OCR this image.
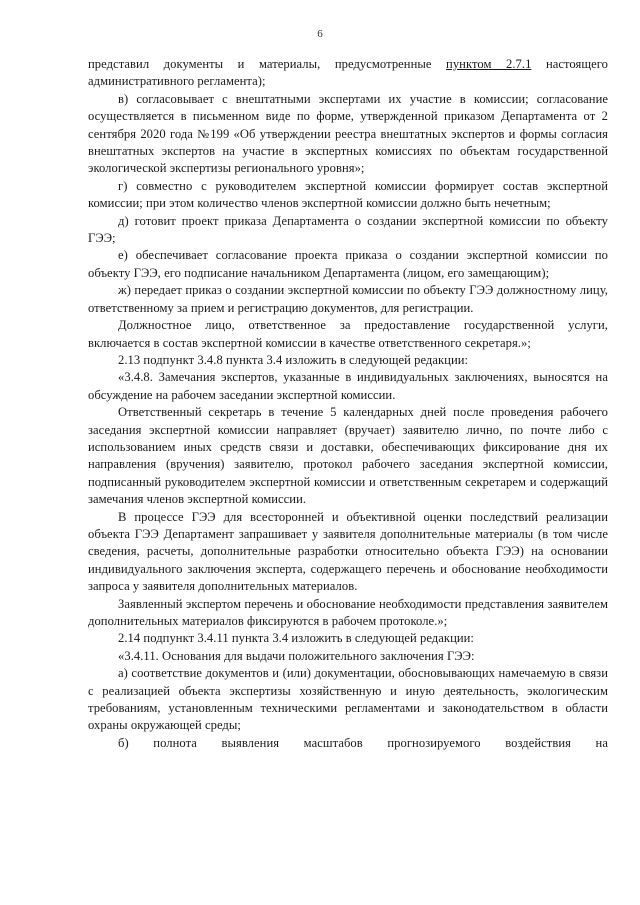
6

представил документы и материалы, предусмотренные пунктом 2.7.1 настоящего административного регламента);

в) согласовывает с внештатными экспертами их участие в комиссии; согласование осуществляется в письменном виде по форме, утвержденной приказом Департамента от 2 сентября 2020 года №199 «Об утверждении реестра внештатных экспертов и формы согласия внештатных экспертов на участие в экспертных комиссиях по объектам государственной экологической экспертизы регионального уровня»;

г) совместно с руководителем экспертной комиссии формирует состав экспертной комиссии; при этом количество членов экспертной комиссии должно быть нечетным;

д) готовит проект приказа Департамента о создании экспертной комиссии по объекту ГЭЭ;

е) обеспечивает согласование проекта приказа о создании экспертной комиссии по объекту ГЭЭ, его подписание начальником Департамента (лицом, его замещающим);

ж) передает приказ о создании экспертной комиссии по объекту ГЭЭ должностному лицу, ответственному за прием и регистрацию документов, для регистрации.

Должностное лицо, ответственное за предоставление государственной услуги, включается в состав экспертной комиссии в качестве ответственного секретаря.»;

2.13 подпункт 3.4.8 пункта 3.4 изложить в следующей редакции:

«3.4.8. Замечания экспертов, указанные в индивидуальных заключениях, выносятся на обсуждение на рабочем заседании экспертной комиссии.

Ответственный секретарь в течение 5 календарных дней после проведения рабочего заседания экспертной комиссии направляет (вручает) заявителю лично, по почте либо с использованием иных средств связи и доставки, обеспечивающих фиксирование дня их направления (вручения) заявителю, протокол рабочего заседания экспертной комиссии, подписанный руководителем экспертной комиссии и ответственным секретарем и содержащий замечания членов экспертной комиссии.

В процессе ГЭЭ для всесторонней и объективной оценки последствий реализации объекта ГЭЭ Департамент запрашивает у заявителя дополнительные материалы (в том числе сведения, расчеты, дополнительные разработки относительно объекта ГЭЭ) на основании индивидуального заключения эксперта, содержащего перечень и обоснование необходимости запроса у заявителя дополнительных материалов.

Заявленный экспертом перечень и обоснование необходимости представления заявителем дополнительных материалов фиксируются в рабочем протоколе.»;

2.14 подпункт 3.4.11 пункта 3.4 изложить в следующей редакции:

«3.4.11. Основания для выдачи положительного заключения ГЭЭ:

а) соответствие документов и (или) документации, обосновывающих намечаемую в связи с реализацией объекта экспертизы хозяйственную и иную деятельность, экологическим требованиям, установленным техническими регламентами и законодательством в области охраны окружающей среды;

б) полнота выявления масштабов прогнозируемого воздействия на
